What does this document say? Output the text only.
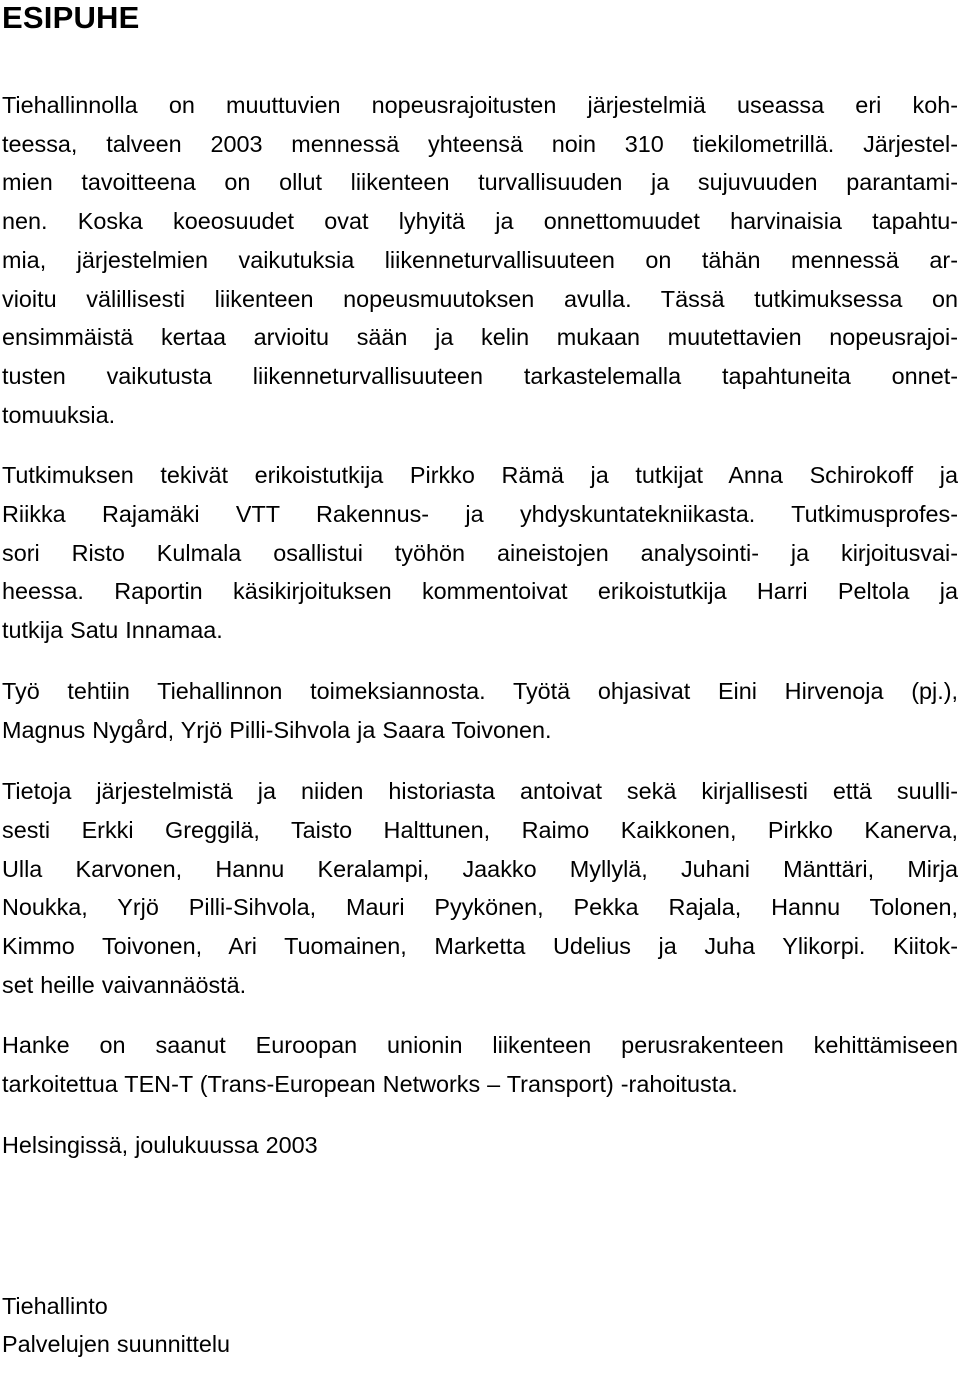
ESIPUHE

Tiehallinnolla on muuttuvien nopeusrajoitusten järjestelmiä useassa eri koh-
teessa, talveen 2003 mennessä yhteensä noin 310 tiekilometrillä. Järjestel-
mien tavoitteena on ollut liikenteen turvallisuuden ja sujuvuuden parantami-
nen. Koska koeosuudet ovat lyhyitä ja onnettomuudet harvinaisia tapahtu-
mia, järjestelmien vaikutuksia liikenneturvallisuuteen on tähän mennessä ar-
vioitu välillisesti liikenteen nopeusmuutoksen avulla. Tässä tutkimuksessa on
ensimmäistä kertaa arvioitu sään ja kelin mukaan muutettavien nopeusrajoi-
tusten vaikutusta liikenneturvallisuuteen tarkastelemalla tapahtuneita onnet-
tomuuksia.

Tutkimuksen tekivät erikoistutkija Pirkko Rämä ja tutkijat Anna Schirokoff ja
Riikka Rajamäki VTT Rakennus- ja yhdyskuntatekniikasta. Tutkimusprofes-
sori Risto Kulmala osallistui työhön aineistojen analysointi- ja kirjoitusvai-
heessa. Raportin käsikirjoituksen kommentoivat erikoistutkija Harri Peltola ja
tutkija Satu Innamaa.

Työ tehtiin Tiehallinnon toimeksiannosta. Työtä ohjasivat Eini Hirvenoja (pj.),
Magnus Nygård, Yrjö Pilli-Sihvola ja Saara Toivonen.

Tietoja järjestelmistä ja niiden historiasta antoivat sekä kirjallisesti että suulli-
sesti Erkki Greggilä, Taisto Halttunen, Raimo Kaikkonen, Pirkko Kanerva,
Ulla Karvonen, Hannu Keralampi, Jaakko Myllylä, Juhani Mänttäri, Mirja
Noukka, Yrjö Pilli-Sihvola, Mauri Pyykönen, Pekka Rajala, Hannu Tolonen,
Kimmo Toivonen, Ari Tuomainen, Marketta Udelius ja Juha Ylikorpi. Kiitok-
set heille vaivannäöstä.

Hanke on saanut Euroopan unionin liikenteen perusrakenteen kehittämiseen
tarkoitettua TEN-T (Trans-European Networks – Transport) -rahoitusta.

Helsingissä, joulukuussa 2003

Tiehallinto

Palvelujen suunnittelu
